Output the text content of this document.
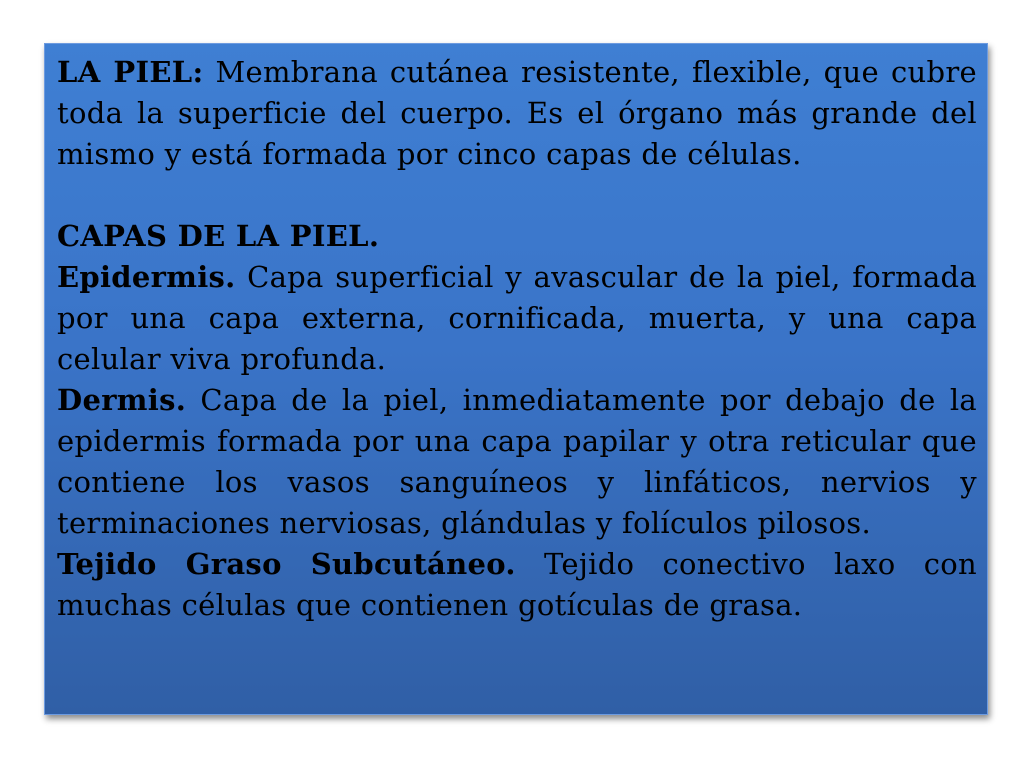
LA PIEL: Membrana cutánea resistente, flexible, que cubre toda la superficie del cuerpo. Es el órgano más grande del mismo y está formada por cinco capas de células.

CAPAS DE LA PIEL.

Epidermis. Capa superficial y avascular de la piel, formada por una capa externa, cornificada, muerta, y una capa celular viva profunda.

Dermis. Capa de la piel, inmediatamente por debajo de la epidermis formada por una capa papilar y otra reticular que contiene los vasos sanguíneos y linfáticos, nervios y terminaciones nerviosas, glándulas y folículos pilosos.

Tejido Graso Subcutáneo. Tejido conectivo laxo con muchas células que contienen gotículas de grasa.
